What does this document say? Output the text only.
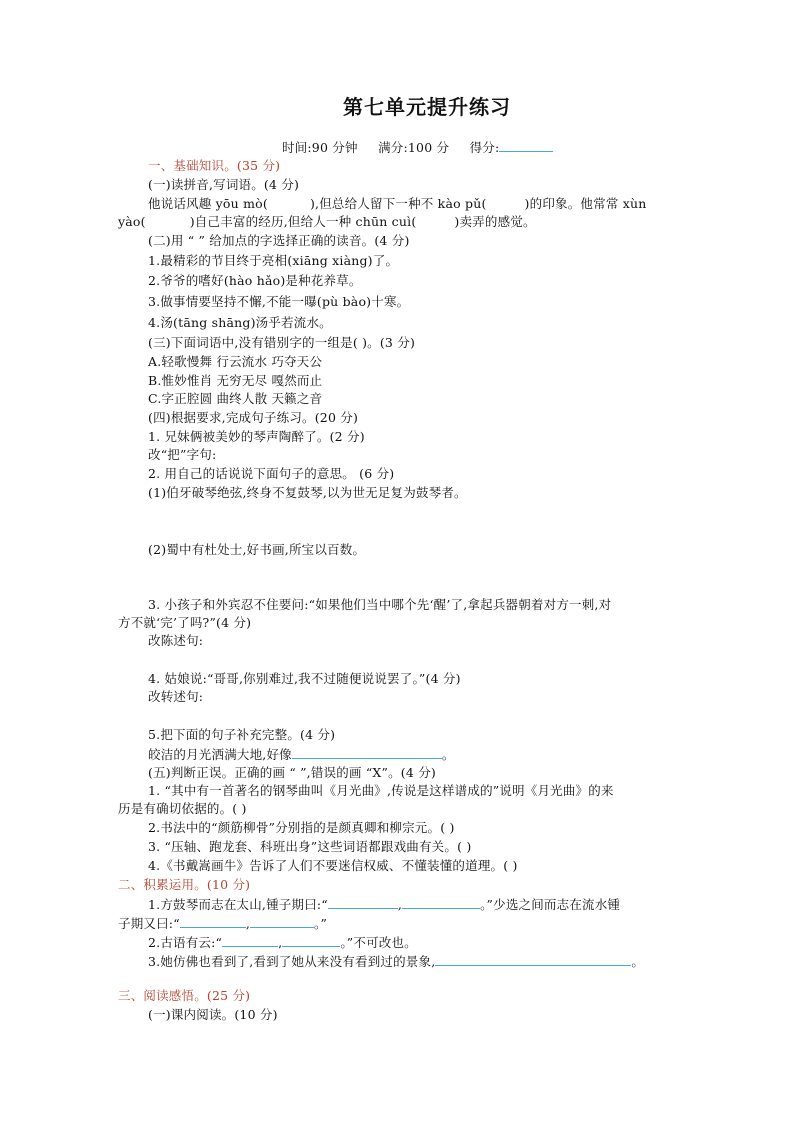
第七单元提升练习
时间:90 分钟 满分:100 分 得分:
一、基础知识。(35 分)
(一)读拼音,写词语。(4 分)
他说话风趣 yōu mò(	),但总给人留下一种不 kào pǔ(	)的印象。他常常 xùn
yào(	)自己丰富的经历,但给人一种 chūn cuì(	)卖弄的感觉。
(二)用 “ ” 给加点的字选择正确的读音。(4 分)
1.最精彩的节目终于亮相(xiāng xiàng)了。
2.爷爷的嗜好(hào hǎo)是种花养草。
3.做事情要坚持不懈,不能一曝(pù bào)十寒。
4.汤(tāng shāng)汤乎若流水。
(三)下面词语中,没有错别字的一组是( )。(3 分)
A.轻歌慢舞 行云流水 巧夺天公
B.惟妙惟肖 无穷无尽 嘎然而止
C.字正腔圆 曲终人散 天籁之音
(四)根据要求,完成句子练习。(20 分)
1. 兄妹俩被美妙的琴声陶醉了。(2 分)
改“把”字句:
2. 用自己的话说说下面句子的意思。 (6 分)
(1)伯牙破琴绝弦,终身不复鼓琴,以为世无足复为鼓琴者。
(2)蜀中有杜处士,好书画,所宝以百数。
3. 小孩子和外宾忍不住要问:“如果他们当中哪个先‘醒’了,拿起兵器朝着对方一刺,对
方不就‘完’了吗?”(4 分)
改陈述句:
4. 姑娘说:“哥哥,你别难过,我不过随便说说罢了。”(4 分)
改转述句:
5.把下面的句子补充完整。(4 分)
皎洁的月光洒满大地,好像	。
(五)判断正误。正确的画 “ ”,错误的画 “X”。(4 分)
1. “其中有一首著名的钢琴曲叫《月光曲》,传说是这样谱成的”说明《月光曲》的来
历是有确切依据的。( )
2.书法中的“颜筋柳骨”分别指的是颜真卿和柳宗元。( )
3. “压轴、跑龙套、科班出身”这些词语都跟戏曲有关。( )
4.《书戴嵩画牛》告诉了人们不要迷信权威、不懂装懂的道理。( )
二、积累运用。(10 分)
1.方鼓琴而志在太山,锺子期曰:“	,	。”少选之间而志在流水锺
子期又曰:“	,	。”
2.古语有云:“	,	。”不可改也。
3.她仿佛也看到了,看到了她从来没有看到过的景象,	。
三、阅读感悟。(25 分)
(一)课内阅读。(10 分)
